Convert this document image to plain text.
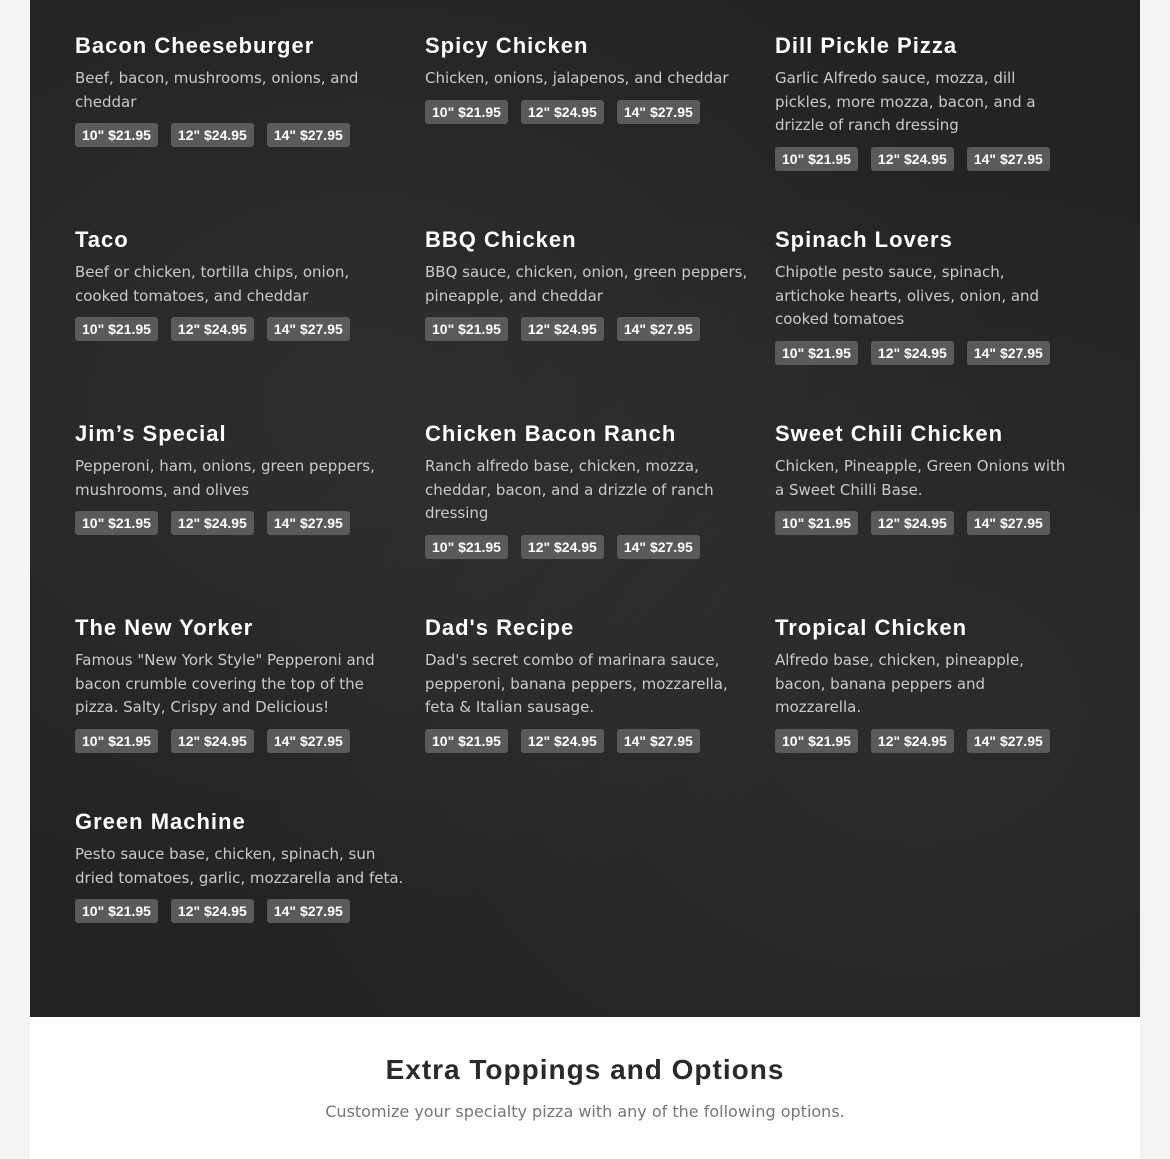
Bacon Cheeseburger

Beef, bacon, mushrooms, onions, and cheddar

10" $21.95	12" $24.95	14" $27.95
Spicy Chicken

Chicken, onions, jalapenos, and cheddar

10" $21.95	12" $24.95	14" $27.95
Dill Pickle Pizza

Garlic Alfredo sauce, mozza, dill pickles, more mozza, bacon, and a drizzle of ranch dressing

10" $21.95	12" $24.95	14" $27.95
Taco

Beef or chicken, tortilla chips, onion, cooked tomatoes, and cheddar

10" $21.95	12" $24.95	14" $27.95
BBQ Chicken

BBQ sauce, chicken, onion, green peppers, pineapple, and cheddar

10" $21.95	12" $24.95	14" $27.95
Spinach Lovers

Chipotle pesto sauce, spinach, artichoke hearts, olives, onion, and cooked tomatoes

10" $21.95	12" $24.95	14" $27.95
Jim’s Special

Pepperoni, ham, onions, green peppers, mushrooms, and olives

10" $21.95	12" $24.95	14" $27.95
Chicken Bacon Ranch

Ranch alfredo base, chicken, mozza, cheddar, bacon, and a drizzle of ranch dressing

10" $21.95	12" $24.95	14" $27.95
Sweet Chili Chicken

Chicken, Pineapple, Green Onions with a Sweet Chilli Base.

10" $21.95	12" $24.95	14" $27.95
The New Yorker

Famous "New York Style" Pepperoni and bacon crumble covering the top of the pizza. Salty, Crispy and Delicious!

10" $21.95	12" $24.95	14" $27.95
Dad's Recipe

Dad's secret combo of marinara sauce, pepperoni, banana peppers, mozzarella, feta & Italian sausage.

10" $21.95	12" $24.95	14" $27.95
Tropical Chicken

Alfredo base, chicken, pineapple, bacon, banana peppers and mozzarella.

10" $21.95	12" $24.95	14" $27.95
Green Machine

Pesto sauce base, chicken, spinach, sun dried tomatoes, garlic, mozzarella and feta.

10" $21.95	12" $24.95	14" $27.95
Extra Toppings and Options

Customize your specialty pizza with any of the following options.
